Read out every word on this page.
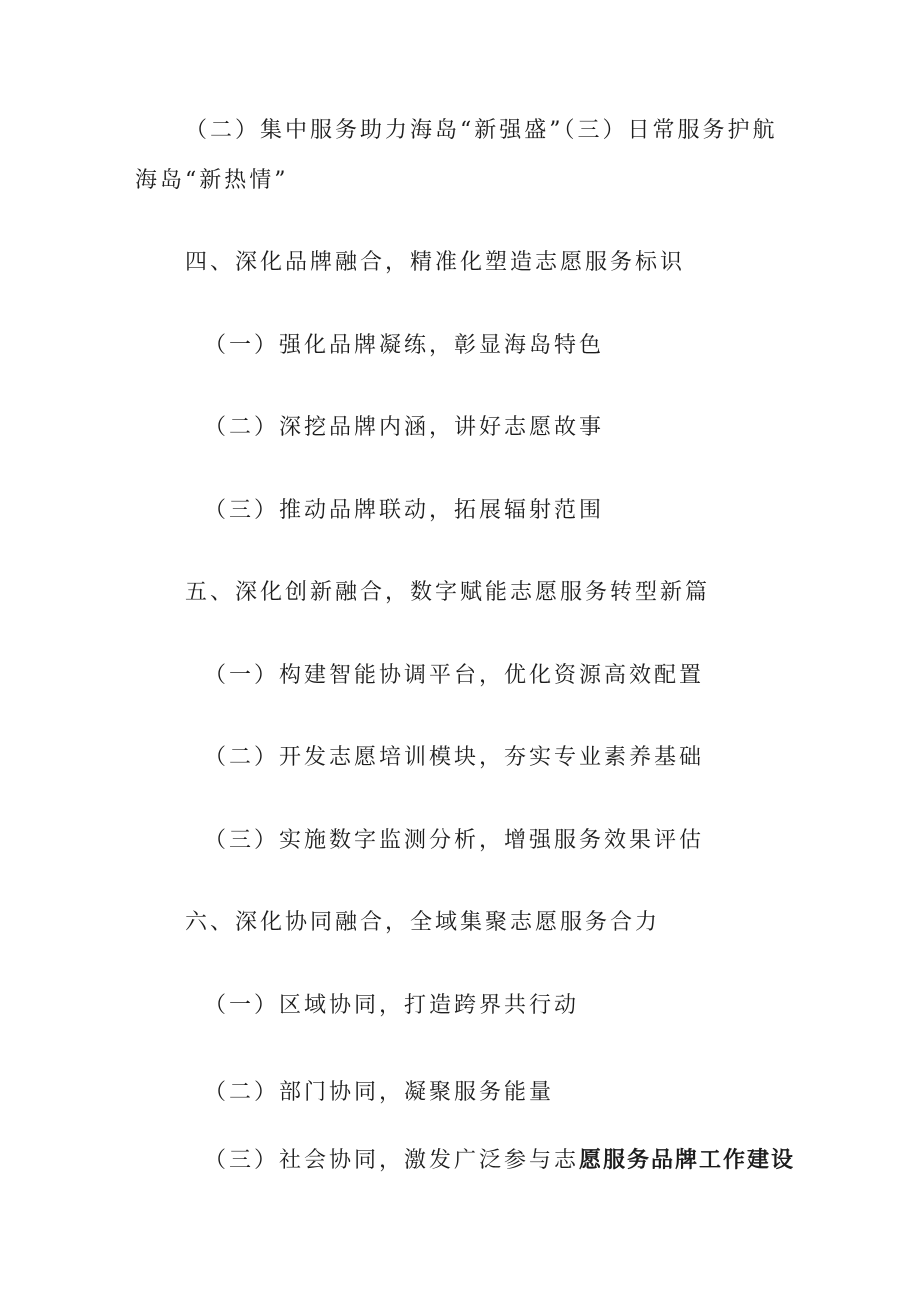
（二）集中服务助力海岛“新强盛”（三）日常服务护航

海岛“新热情”

四、深化品牌融合，精准化塑造志愿服务标识

（一）强化品牌凝练，彰显海岛特色

（二）深挖品牌内涵，讲好志愿故事

（三）推动品牌联动，拓展辐射范围

五、深化创新融合，数字赋能志愿服务转型新篇

（一）构建智能协调平台，优化资源高效配置

（二）开发志愿培训模块，夯实专业素养基础

（三）实施数字监测分析，增强服务效果评估

六、深化协同融合，全域集聚志愿服务合力

（一）区域协同，打造跨界共行动

（二）部门协同，凝聚服务能量

（三）社会协同，激发广泛参与志愿服务品牌工作建设
